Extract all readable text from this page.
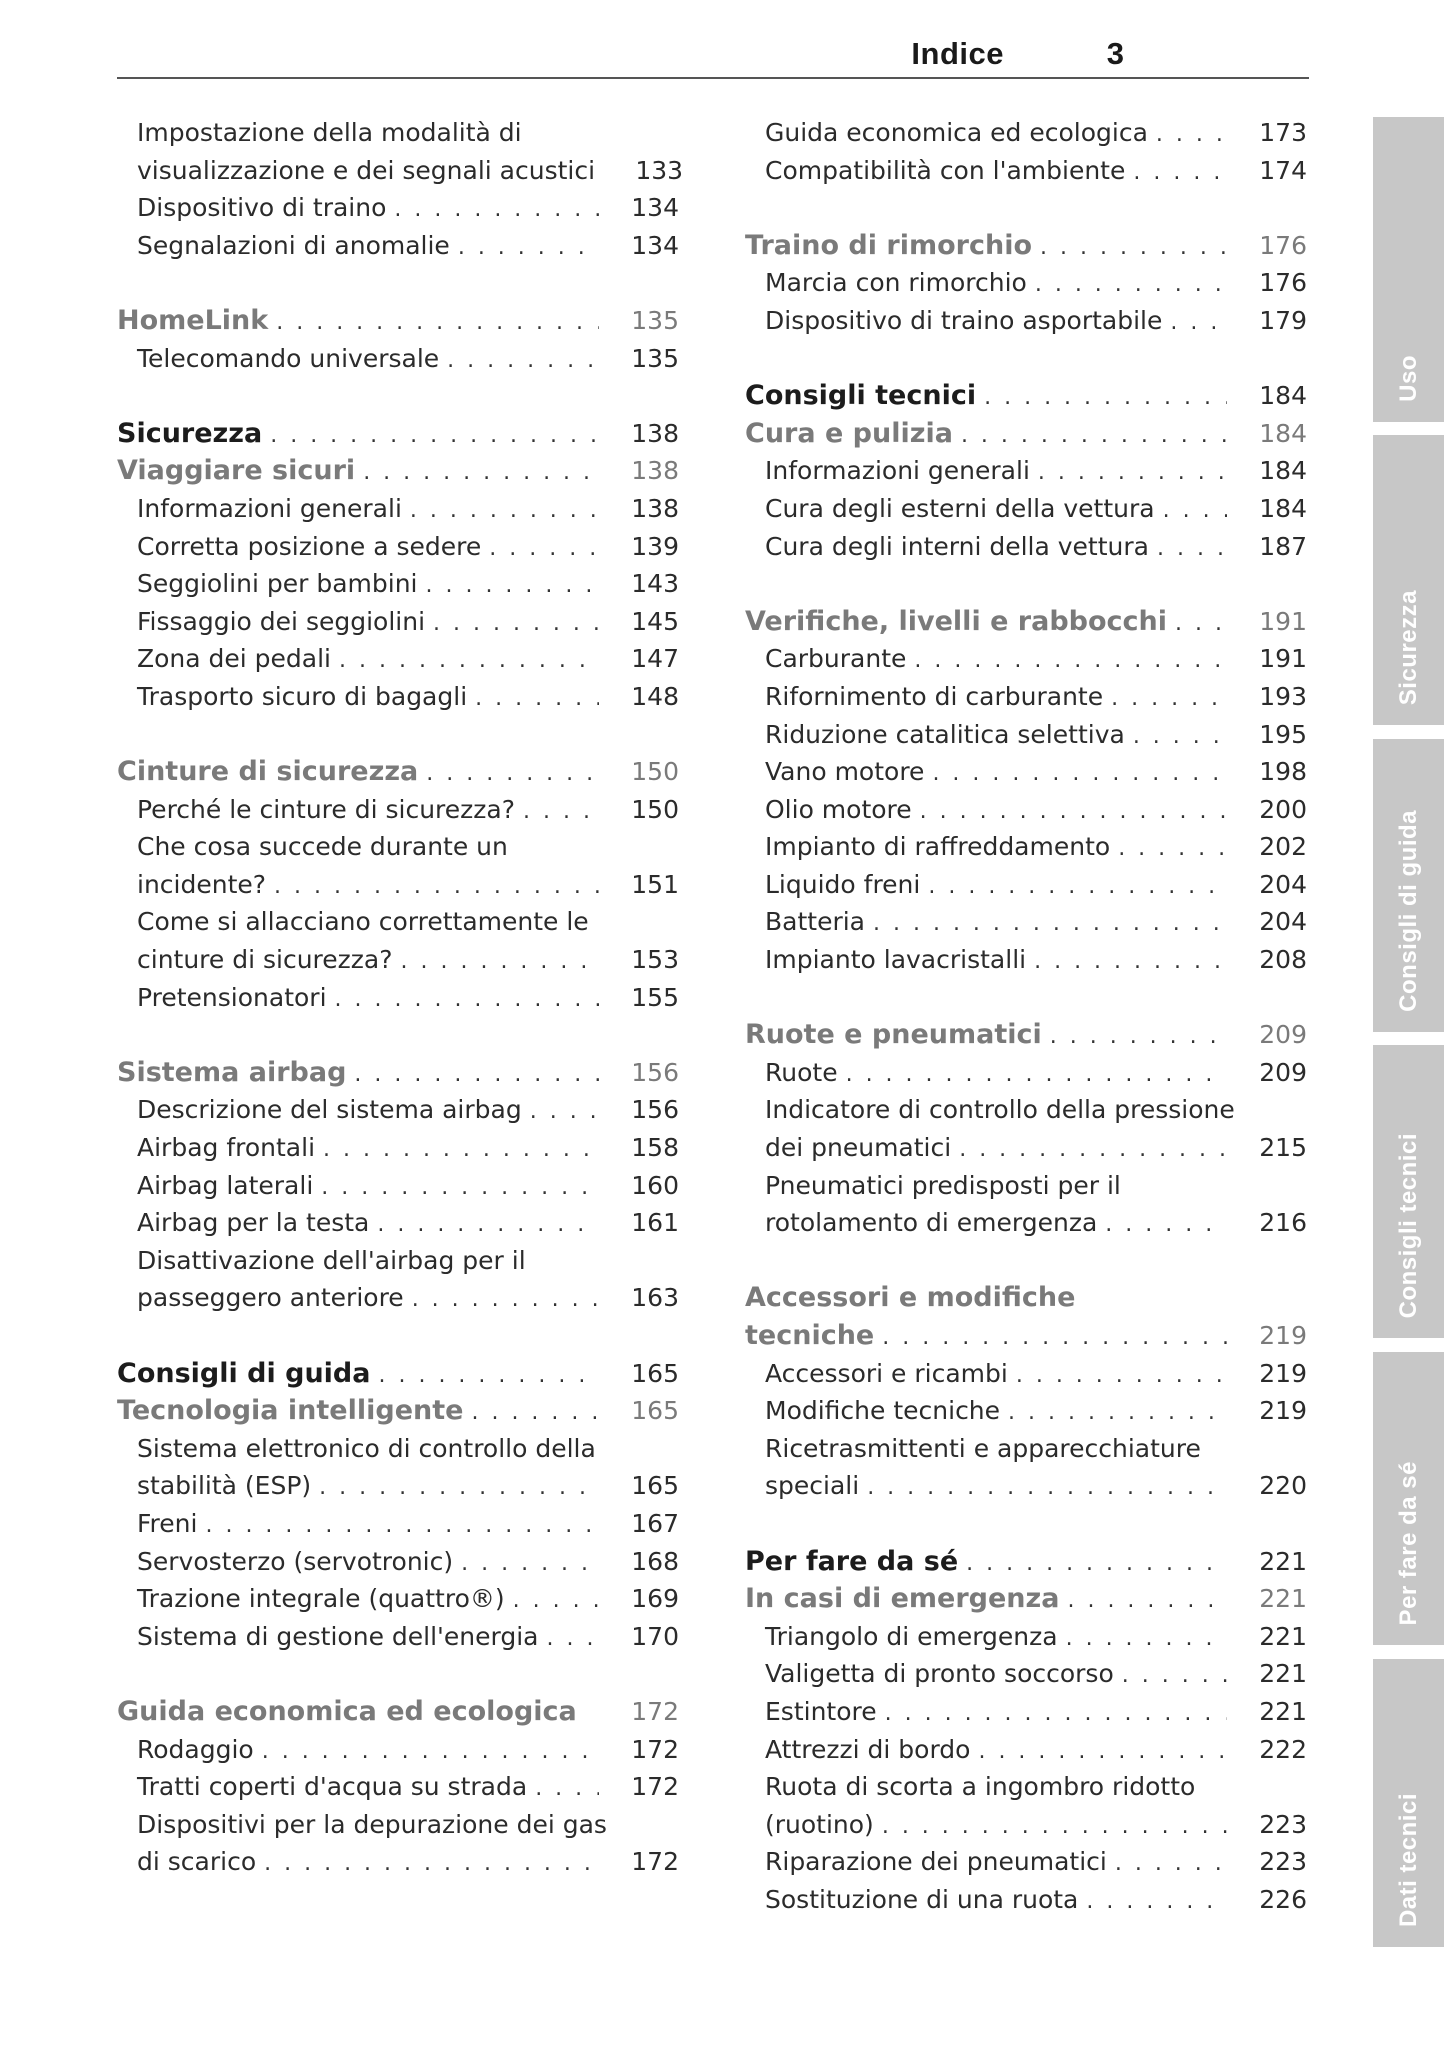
Indice	3
Impostazione della modalità di
visualizzazione e dei segnali acustici	133
Dispositivo di traino . . .	134
Segnalazioni di anomalie . . .	134
HomeLink . . .	135
Telecomando universale . . .	135
Sicurezza . . .	138
Viaggiare sicuri . . .	138
Informazioni generali . . .	138
Corretta posizione a sedere . . .	139
Seggiolini per bambini . . .	143
Fissaggio dei seggiolini . . .	145
Zona dei pedali . . .	147
Trasporto sicuro di bagagli . . .	148
Cinture di sicurezza . . .	150
Perché le cinture di sicurezza? . . .	150
Che cosa succede durante un
incidente? . . .	151
Come si allacciano correttamente le
cinture di sicurezza? . . .	153
Pretensionatori . . .	155
Sistema airbag . . .	156
Descrizione del sistema airbag . . .	156
Airbag frontali . . .	158
Airbag laterali . . .	160
Airbag per la testa . . .	161
Disattivazione dell'airbag per il
passeggero anteriore . . .	163
Consigli di guida . . .	165
Tecnologia intelligente . . .	165
Sistema elettronico di controllo della
stabilità (ESP) . . .	165
Freni . . .	167
Servosterzo (servotronic) . . .	168
Trazione integrale (quattro®) . . .	169
Sistema di gestione dell'energia . . .	170
Guida economica ed ecologica	172
Rodaggio . . .	172
Tratti coperti d'acqua su strada . . .	172
Dispositivi per la depurazione dei gas
di scarico . . .	172
Guida economica ed ecologica . . .	173
Compatibilità con l'ambiente . . .	174
Traino di rimorchio . . .	176
Marcia con rimorchio . . .	176
Dispositivo di traino asportabile . . .	179
Consigli tecnici . . .	184
Cura e pulizia . . .	184
Informazioni generali . . .	184
Cura degli esterni della vettura . . .	184
Cura degli interni della vettura . . .	187
Verifiche, livelli e rabbocchi . . .	191
Carburante . . .	191
Rifornimento di carburante . . .	193
Riduzione catalitica selettiva . . .	195
Vano motore . . .	198
Olio motore . . .	200
Impianto di raffreddamento . . .	202
Liquido freni . . .	204
Batteria . . .	204
Impianto lavacristalli . . .	208
Ruote e pneumatici . . .	209
Ruote . . .	209
Indicatore di controllo della pressione
dei pneumatici . . .	215
Pneumatici predisposti per il
rotolamento di emergenza . . .	216
Accessori e modifiche
tecniche . . .	219
Accessori e ricambi . . .	219
Modifiche tecniche . . .	219
Ricetrasmittenti e apparecchiature
speciali . . .	220
Per fare da sé . . .	221
In casi di emergenza . . .	221
Triangolo di emergenza . . .	221
Valigetta di pronto soccorso . . .	221
Estintore . . .	221
Attrezzi di bordo . . .	222
Ruota di scorta a ingombro ridotto
(ruotino) . . .	223
Riparazione dei pneumatici . . .	223
Sostituzione di una ruota . . .	226
Uso
Sicurezza
Consigli di guida
Consigli tecnici
Per fare da sé
Dati tecnici
